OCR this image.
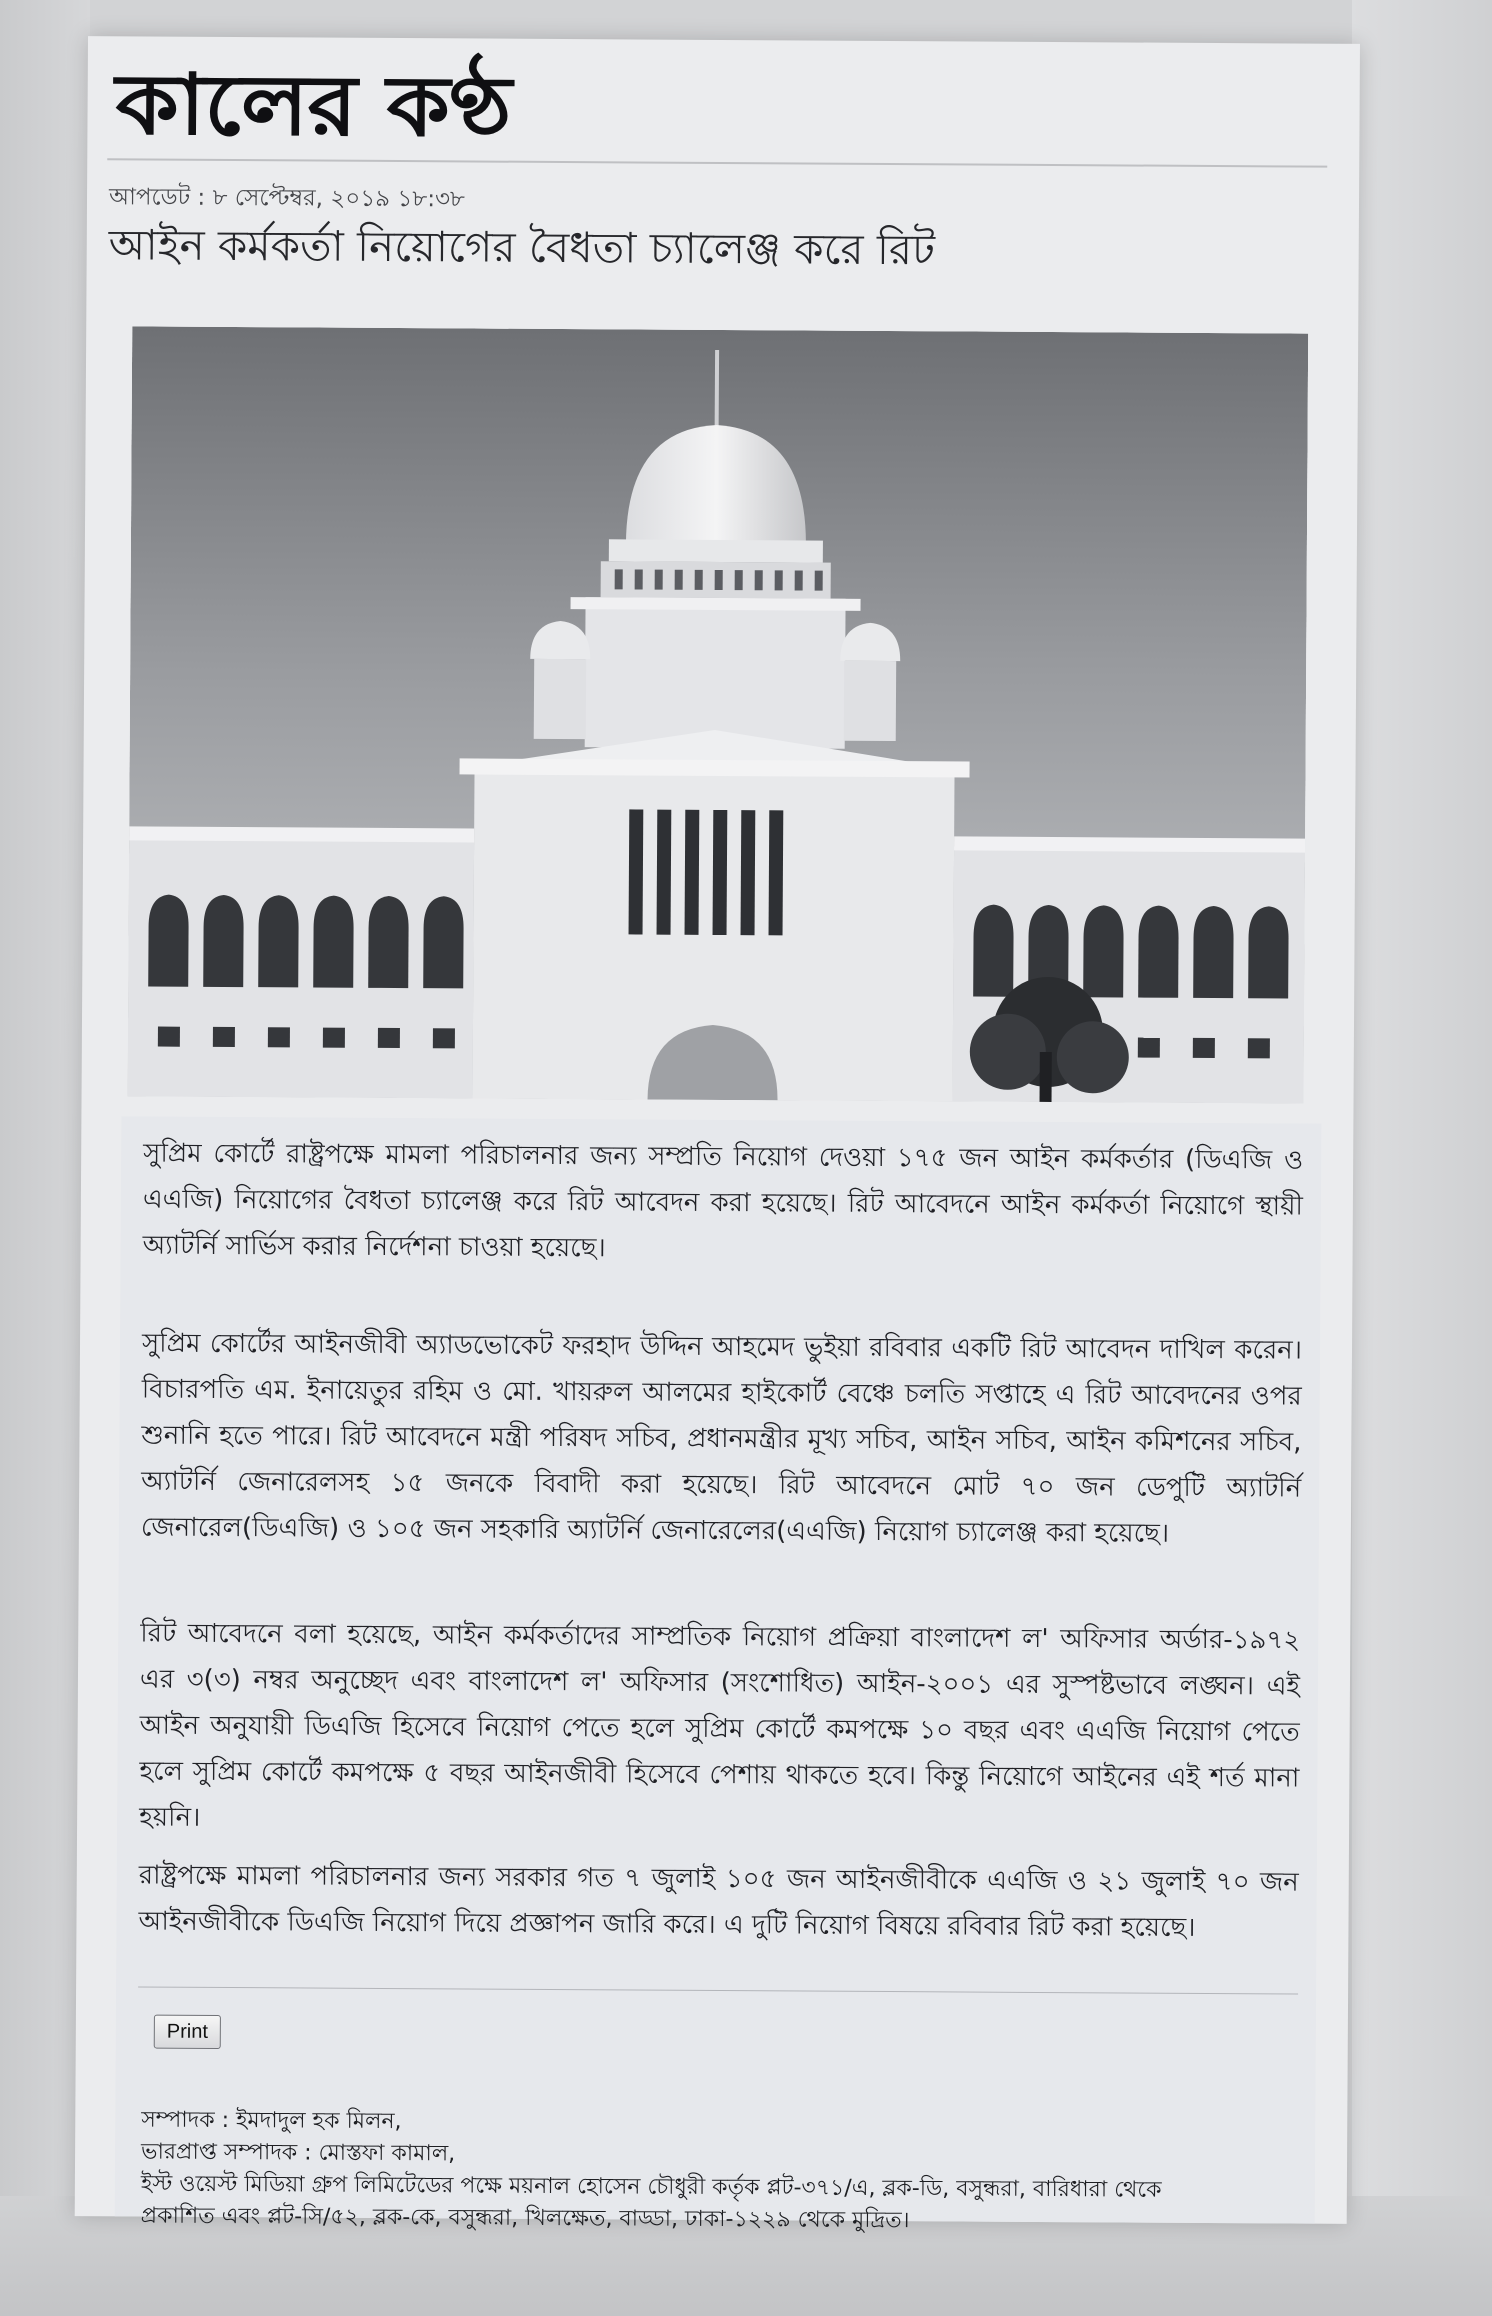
কালের কণ্ঠ
আপডেট : ৮ সেপ্টেম্বর, ২০১৯ ১৮:৩৮
আইন কর্মকর্তা নিয়োগের বৈধতা চ্যালেঞ্জ করে রিট

সুপ্রিম কোর্টে রাষ্ট্রপক্ষে মামলা পরিচালনার জন্য সম্প্রতি নিয়োগ দেওয়া ১৭৫ জন আইন কর্মকর্তার (ডিএজি ও এএজি) নিয়োগের বৈধতা চ্যালেঞ্জ করে রিট আবেদন করা হয়েছে। রিট আবেদনে আইন কর্মকর্তা নিয়োগে স্থায়ী অ্যাটর্নি সার্ভিস করার নির্দেশনা চাওয়া হয়েছে।

সুপ্রিম কোর্টের আইনজীবী অ্যাডভোকেট ফরহাদ উদ্দিন আহমেদ ভুইয়া রবিবার একটি রিট আবেদন দাখিল করেন। বিচারপতি এম. ইনায়েতুর রহিম ও মো. খায়রুল আলমের হাইকোর্ট বেঞ্চে চলতি সপ্তাহে এ রিট আবেদনের ওপর শুনানি হতে পারে। রিট আবেদনে মন্ত্রী পরিষদ সচিব, প্রধানমন্ত্রীর মূখ্য সচিব, আইন সচিব, আইন কমিশনের সচিব, অ্যাটর্নি জেনারেলসহ ১৫ জনকে বিবাদী করা হয়েছে। রিট আবেদনে মোট ৭০ জন ডেপুটি অ্যাটর্নি জেনারেল(ডিএজি) ও ১০৫ জন সহকারি অ্যাটর্নি জেনারেলের(এএজি) নিয়োগ চ্যালেঞ্জ করা হয়েছে।

রিট আবেদনে বলা হয়েছে, আইন কর্মকর্তাদের সাম্প্রতিক নিয়োগ প্রক্রিয়া বাংলাদেশ ল' অফিসার অর্ডার-১৯৭২ এর ৩(৩) নম্বর অনুচ্ছেদ এবং বাংলাদেশ ল' অফিসার (সংশোধিত) আইন-২০০১ এর সুস্পষ্টভাবে লঙ্ঘন। এই আইন অনুযায়ী ডিএজি হিসেবে নিয়োগ পেতে হলে সুপ্রিম কোর্টে কমপক্ষে ১০ বছর এবং এএজি নিয়োগ পেতে হলে সুপ্রিম কোর্টে কমপক্ষে ৫ বছর আইনজীবী হিসেবে পেশায় থাকতে হবে। কিন্তু নিয়োগে আইনের এই শর্ত মানা হয়নি।

রাষ্ট্রপক্ষে মামলা পরিচালনার জন্য সরকার গত ৭ জুলাই ১০৫ জন আইনজীবীকে এএজি ও ২১ জুলাই ৭০ জন আইনজীবীকে ডিএজি নিয়োগ দিয়ে প্রজ্ঞাপন জারি করে। এ দুটি নিয়োগ বিষয়ে রবিবার রিট করা হয়েছে।

Print
সম্পাদক : ইমদাদুল হক মিলন,
ভারপ্রাপ্ত সম্পাদক : মোস্তফা কামাল,
ইস্ট ওয়েস্ট মিডিয়া গ্রুপ লিমিটেডের পক্ষে ময়নাল হোসেন চৌধুরী কর্তৃক প্লট-৩৭১/এ, ব্লক-ডি, বসুন্ধরা, বারিধারা থেকে
প্রকাশিত এবং প্লট-সি/৫২, ব্লক-কে, বসুন্ধরা, খিলক্ষেত, বাড্ডা, ঢাকা-১২২৯ থেকে মুদ্রিত।
